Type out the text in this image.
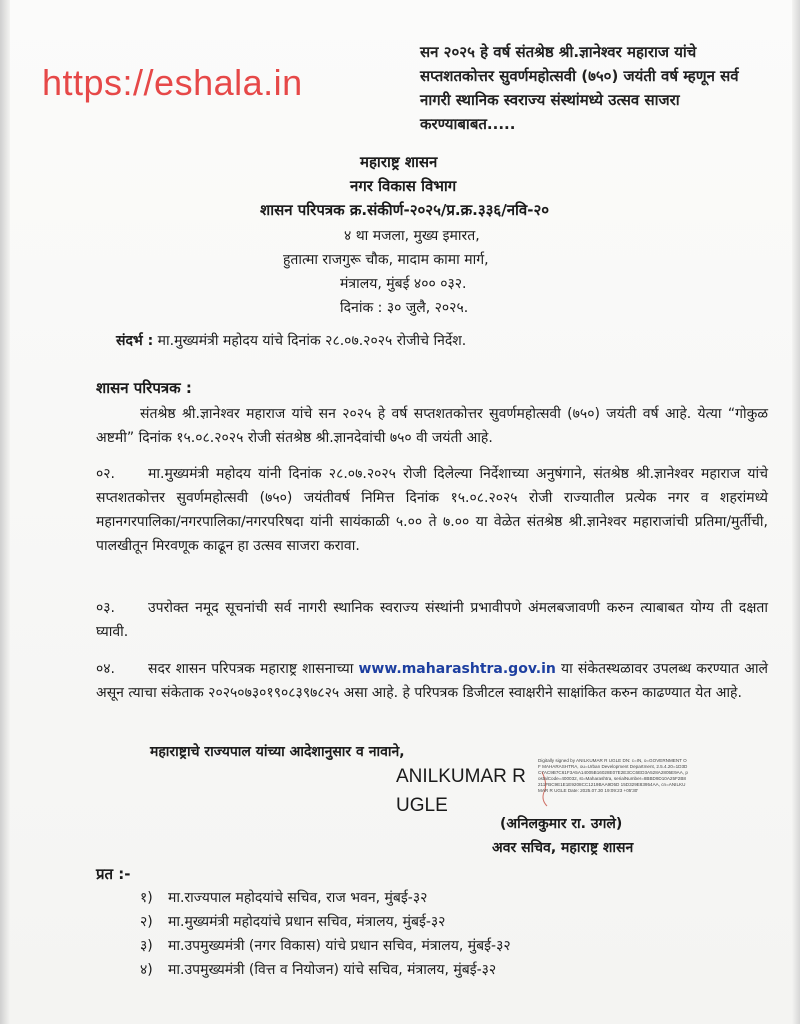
https://eshala.in
सन २०२५ हे वर्ष संतश्रेष्ठ श्री.ज्ञानेश्वर महाराज यांचे सप्तशतकोत्तर सुवर्णमहोत्सवी (७५०) जयंती वर्ष म्हणून सर्व नागरी स्थानिक स्वराज्य संस्थांमध्ये उत्सव साजरा करण्याबाबत.....
महाराष्ट्र शासन
नगर विकास विभाग
शासन परिपत्रक क्र.संकीर्ण-२०२५/प्र.क्र.३३६/नवि-२०
४ था मजला, मुख्य इमारत,
हुतात्मा राजगुरू चौक, मादाम कामा मार्ग,
मंत्रालय, मुंबई ४०० ०३२.
दिनांक : ३० जुलै, २०२५.
संदर्भ : मा.मुख्यमंत्री महोदय यांचे दिनांक २८.०७.२०२५ रोजीचे निर्देश.
शासन परिपत्रक :
संतश्रेष्ठ श्री.ज्ञानेश्वर महाराज यांचे सन २०२५ हे वर्ष सप्तशतकोत्तर सुवर्णमहोत्सवी (७५०) जयंती वर्ष आहे. येत्या “गोकुळ अष्टमी” दिनांक १५.०८.२०२५ रोजी संतश्रेष्ठ श्री.ज्ञानदेवांची ७५० वी जयंती आहे.
०२. मा.मुख्यमंत्री महोदय यांनी दिनांक २८.०७.२०२५ रोजी दिलेल्या निर्देशाच्या अनुषंगाने, संतश्रेष्ठ श्री.ज्ञानेश्वर महाराज यांचे सप्तशतकोत्तर सुवर्णमहोत्सवी (७५०) जयंतीवर्ष निमित्त दिनांक १५.०८.२०२५ रोजी राज्यातील प्रत्येक नगर व शहरांमध्ये महानगरपालिका/नगरपालिका/नगरपरिषदा यांनी सायंकाळी ५.०० ते ७.०० या वेळेत संतश्रेष्ठ श्री.ज्ञानेश्वर महाराजांची प्रतिमा/मुर्तीची, पालखीतून मिरवणूक काढून हा उत्सव साजरा करावा.
०३. उपरोक्त नमूद सूचनांची सर्व नागरी स्थानिक स्वराज्य संस्थांनी प्रभावीपणे अंमलबजावणी करुन त्याबाबत योग्य ती दक्षता घ्यावी.
०४. सदर शासन परिपत्रक महाराष्ट्र शासनाच्या www.maharashtra.gov.in या संकेतस्थळावर उपलब्ध करण्यात आले असून त्याचा संकेताक २०२५०७३०१९०८३९७८२५ असा आहे. हे परिपत्रक डिजीटल स्वाक्षरीने साक्षांकित करुन काढण्यात येत आहे.
महाराष्ट्राचे राज्यपाल यांच्या आदेशानुसार व नावाने,
ANILKUMAR R
UGLE
Digitally signed by ANILKUMAR R UGLE DN: c=IN, o=GOVERNMENT OF MAHARASHTRA, ou=Urban Development Department, 2.5.4.20=1D3DC7AC9B7C61F3A5A14005B16028E07E2E3CC6ED3A528A2805E9AA, postalCode=400032, st=Maharashtra, serialNumber=8BBD9D10A25F2B8211FBC9E1E1E9208CC1219BAA9D5D 15D329E83954AA, cn=ANILKUMAR R UGLE Date: 2025.07.30 19:09:23 +05'30'
(अनिलकुमार रा. उगले)
अवर सचिव, महाराष्ट्र शासन
प्रत :-
१)	मा.राज्यपाल महोदयांचे सचिव, राज भवन, मुंबई-३२
२)	मा.मुख्यमंत्री महोदयांचे प्रधान सचिव, मंत्रालय, मुंबई-३२
३)	मा.उपमुख्यमंत्री (नगर विकास) यांचे प्रधान सचिव, मंत्रालय, मुंबई-३२
४)	मा.उपमुख्यमंत्री (वित्त व नियोजन) यांचे सचिव, मंत्रालय, मुंबई-३२
